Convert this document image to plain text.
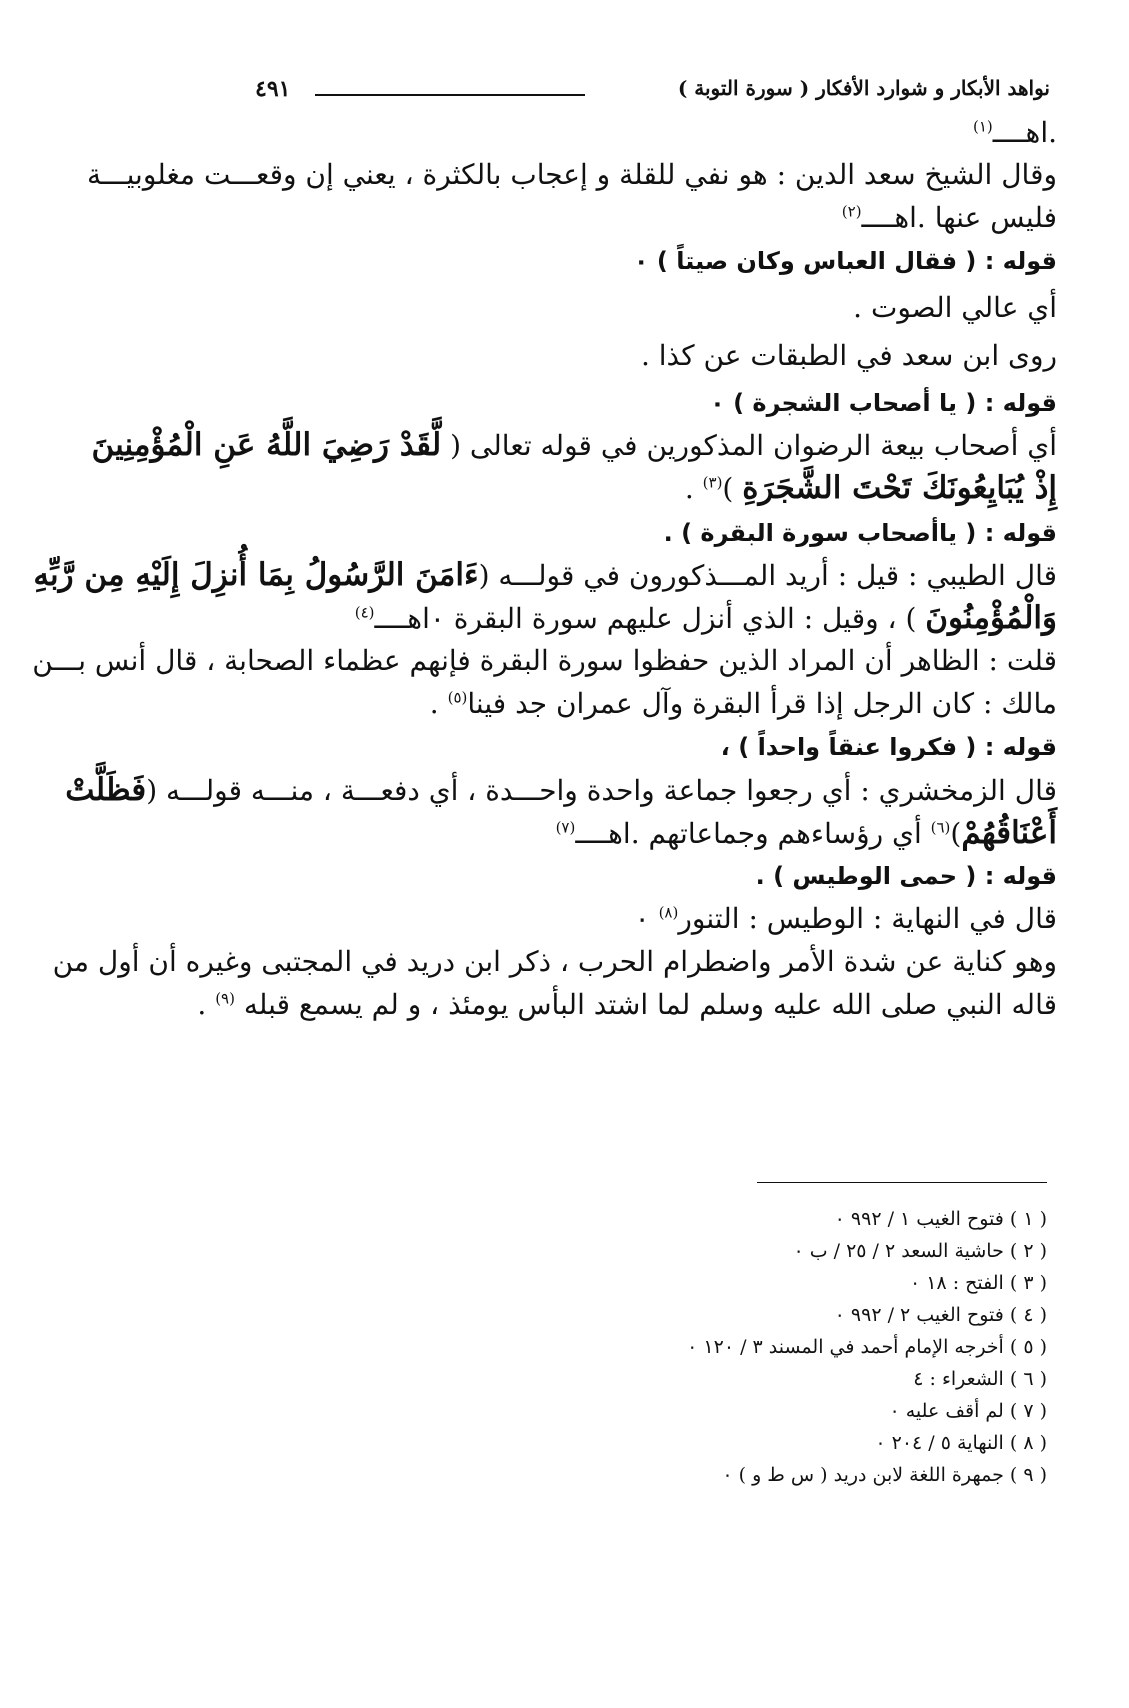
نواهد الأبكار و شوارد الأفكار ( سورة التوبة )
٤٩١
.اهــــ$^{(١)}$
وقال الشيخ سعد الدين : هو نفي للقلة و إعجاب بالكثرة ، يعني إن وقعـــت مغلوبيـــة
فليس عنها .اهــــ$^{(٢)}$
قوله : ( فقال العباس وكان صيتاً ) ٠
أي عالي الصوت .
روى ابن سعد في الطبقات عن كذا .
قوله : ( يا أصحاب الشجرة ) ٠
أي أصحاب بيعة الرضوان المذكورين في قوله تعالى ( لَّقَدْ رَضِيَ اللَّهُ عَنِ الْمُؤْمِنِينَ
إِذْ يُبَايِعُونَكَ تَحْتَ الشَّجَرَةِ )$^{(٣)}$ .
قوله : ( ياأصحاب سورة البقرة ) .
قال الطيبي : قيل : أريد المـــذكورون في قولـــه (ءَامَنَ الرَّسُولُ بِمَا أُنزِلَ إِلَيْهِ مِن رَّبِّهِ
وَالْمُؤْمِنُونَ ) ، وقيل : الذي أنزل عليهم سورة البقرة ٠اهــــ$^{(٤)}$
قلت : الظاهر أن المراد الذين حفظوا سورة البقرة فإنهم عظماء الصحابة ، قال أنس بـــن
مالك : كان الرجل إذا قرأ البقرة وآل عمران جد فينا$^{(٥)}$ .
قوله : ( فكروا عنقاً واحداً ) ،
قال الزمخشري : أي رجعوا جماعة واحدة واحـــدة ، أي دفعـــة ، منـــه قولـــه (فَظَلَّتْ
أَعْنَاقُهُمْ)$^{(٦)}$ أي رؤساءهم وجماعاتهم .اهــــ$^{(٧)}$
قوله : ( حمى الوطيس ) .
قال في النهاية : الوطيس : التنور$^{(٨)}$ ٠
وهو كناية عن شدة الأمر واضطرام الحرب ، ذكر ابن دريد في المجتبى وغيره أن أول من
قاله النبي صلى الله عليه وسلم لما اشتد البأس يومئذ ، و لم يسمع قبله $^{(٩)}$ .
( ١ ) فتوح الغيب ١ / ٩٩٢ ٠
( ٢ ) حاشية السعد ٢ / ٢٥ / ب ٠
( ٣ ) الفتح : ١٨ ٠
( ٤ ) فتوح الغيب ٢ / ٩٩٢ ٠
( ٥ ) أخرجه الإمام أحمد في المسند ٣ / ١٢٠ ٠
( ٦ ) الشعراء : ٤
( ٧ ) لم أقف عليه ٠
( ٨ ) النهاية ٥ / ٢٠٤ ٠
( ٩ ) جمهرة اللغة لابن دريد ( س ط و ) ٠
